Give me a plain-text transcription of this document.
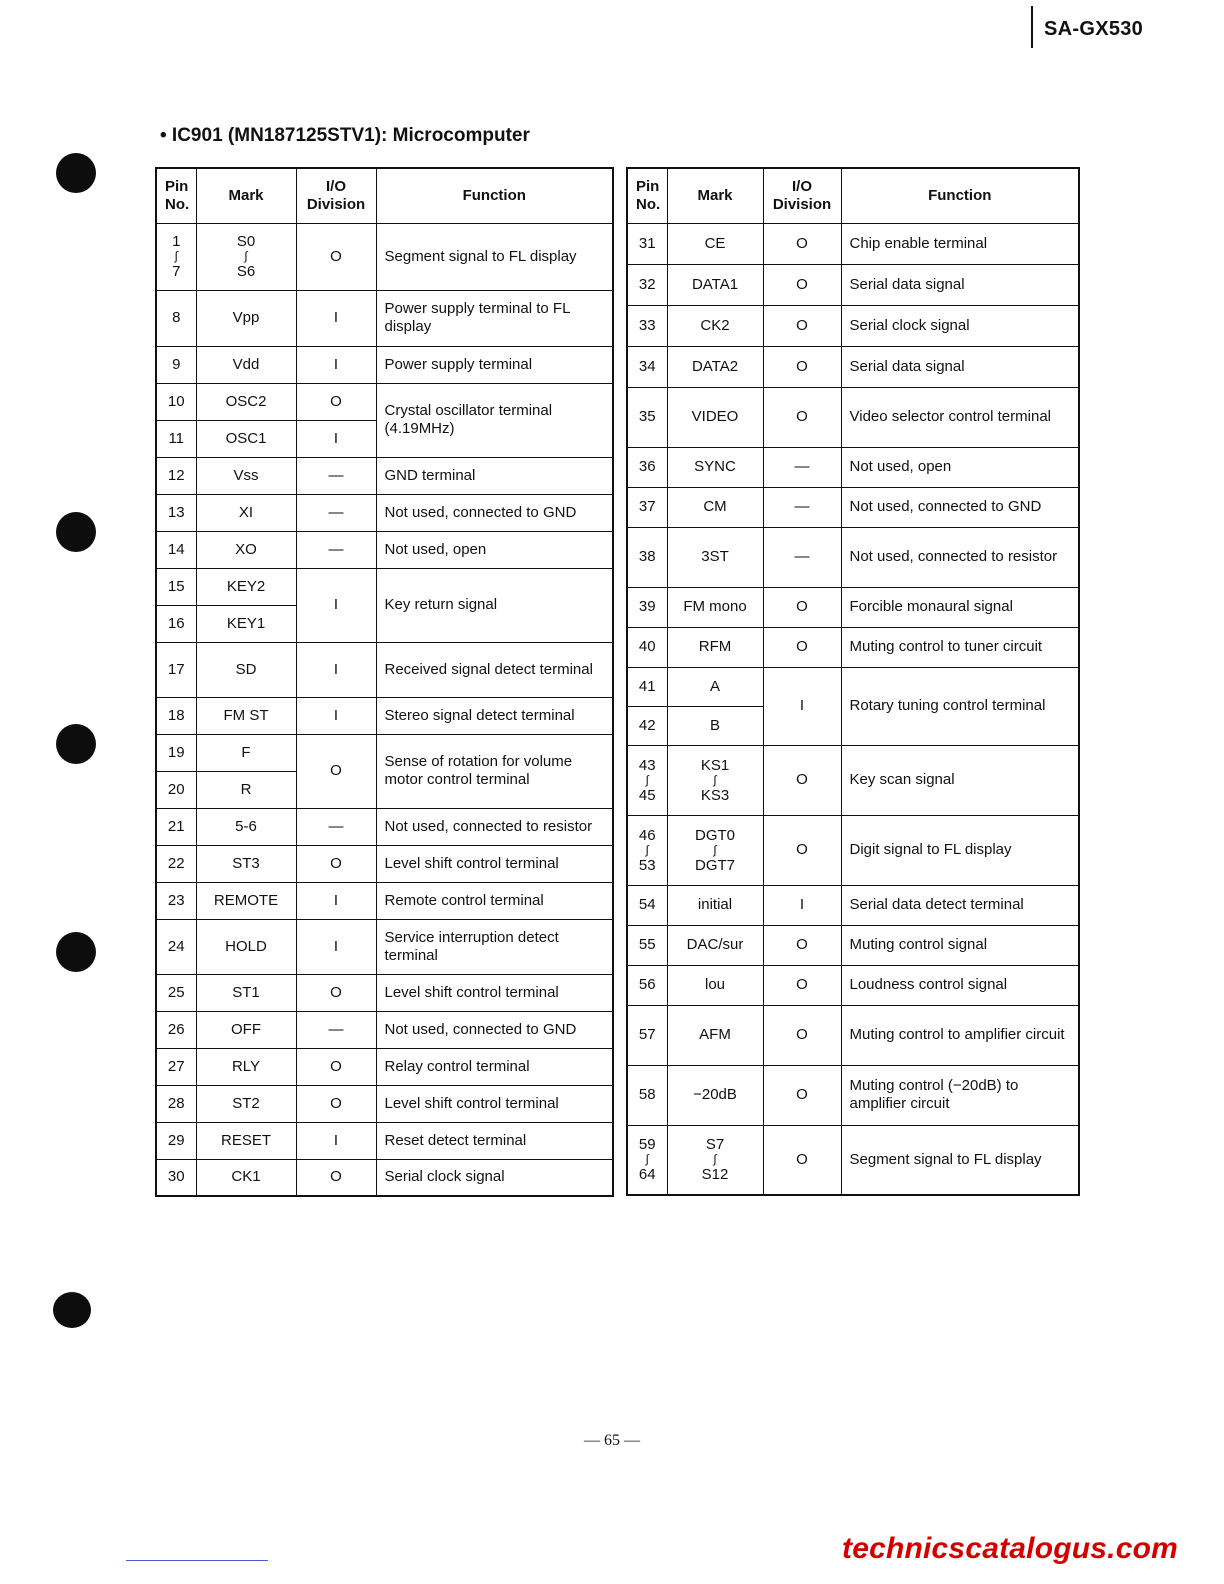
SA-GX530
• IC901 (MN187125STV1): Microcomputer
Pin
No.	Mark	I/O
Division	Function

1
∫
7	S0
∫
S6	O	Segment signal to FL display
8	Vpp	I	Power supply terminal to FL display
9	Vdd	I	Power supply terminal
10	OSC2	O	Crystal oscillator terminal (4.19MHz)
11	OSC1	I	
12	Vss	—	GND terminal
13	XI	—	Not used, connected to GND
14	XO	—	Not used, open
15	KEY2	I	Key return signal
16	KEY1		
17	SD	I	Received signal detect terminal
18	FM ST	I	Stereo signal detect terminal
19	F	O	Sense of rotation for volume motor control terminal
20	R		
21	5-6	—	Not used, connected to resistor
22	ST3	O	Level shift control terminal
23	REMOTE	I	Remote control terminal
24	HOLD	I	Service interruption detect terminal
25	ST1	O	Level shift control terminal
26	OFF	—	Not used, connected to GND
27	RLY	O	Relay control terminal
28	ST2	O	Level shift control terminal
29	RESET	I	Reset detect terminal
30	CK1	O	Serial clock signal
Pin
No.	Mark	I/O
Division	Function
31	CE	O	Chip enable terminal
32	DATA1	O	Serial data signal
33	CK2	O	Serial clock signal
34	DATA2	O	Serial data signal
35	VIDEO	O	Video selector control terminal
36	SYNC	—	Not used, open
37	CM	—	Not used, connected to GND
38	3ST	—	Not used, connected to resistor
39	FM mono	O	Forcible monaural signal
40	RFM	O	Muting control to tuner circuit
41	A	I	Rotary tuning control terminal
42	B		

43
∫
45	KS1
∫
KS3	O	Key scan signal

46
∫
53	DGT0
∫
DGT7	O	Digit signal to FL display
54	initial	I	Serial data detect terminal
55	DAC/sur	O	Muting control signal
56	lou	O	Loudness control signal
57	AFM	O	Muting control to amplifier circuit
58	−20dB	O	Muting control (−20dB) to amplifier circuit

59
∫
64	S7
∫
S12	O	Segment signal to FL display
— 65 —
technicscatalogus.com
